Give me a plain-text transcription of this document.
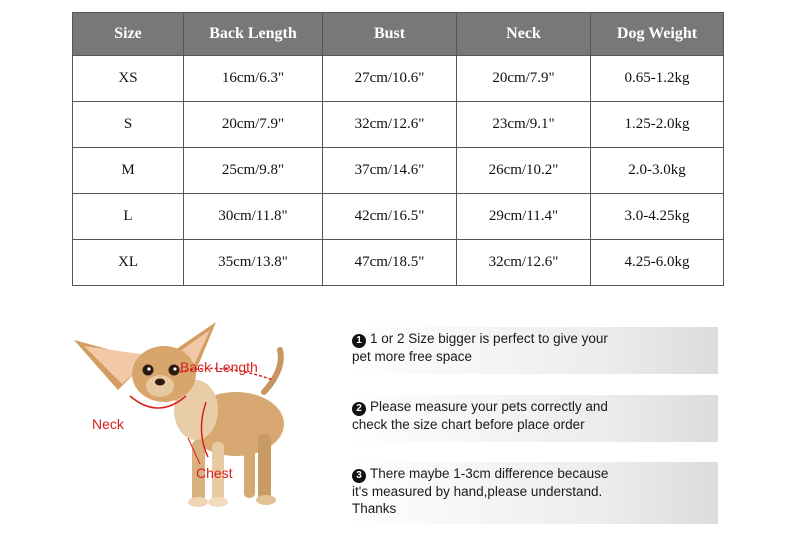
Size	Back Length	Bust	Neck	Dog Weight
XS	16cm/6.3"	27cm/10.6"	20cm/7.9"	0.65-1.2kg
S	20cm/7.9"	32cm/12.6"	23cm/9.1"	1.25-2.0kg
M	25cm/9.8"	37cm/14.6"	26cm/10.2"	2.0-3.0kg
L	30cm/11.8"	42cm/16.5"	29cm/11.4"	3.0-4.25kg
XL	35cm/13.8"	47cm/18.5"	32cm/12.6"	4.25-6.0kg
Back Length
Neck
Chest
1 1 or 2 Size bigger is perfect to give your
pet more free space
2 Please measure your pets correctly and
check the size chart before place order
3 There maybe 1-3cm difference because
it's measured by hand,please understand.
Thanks
